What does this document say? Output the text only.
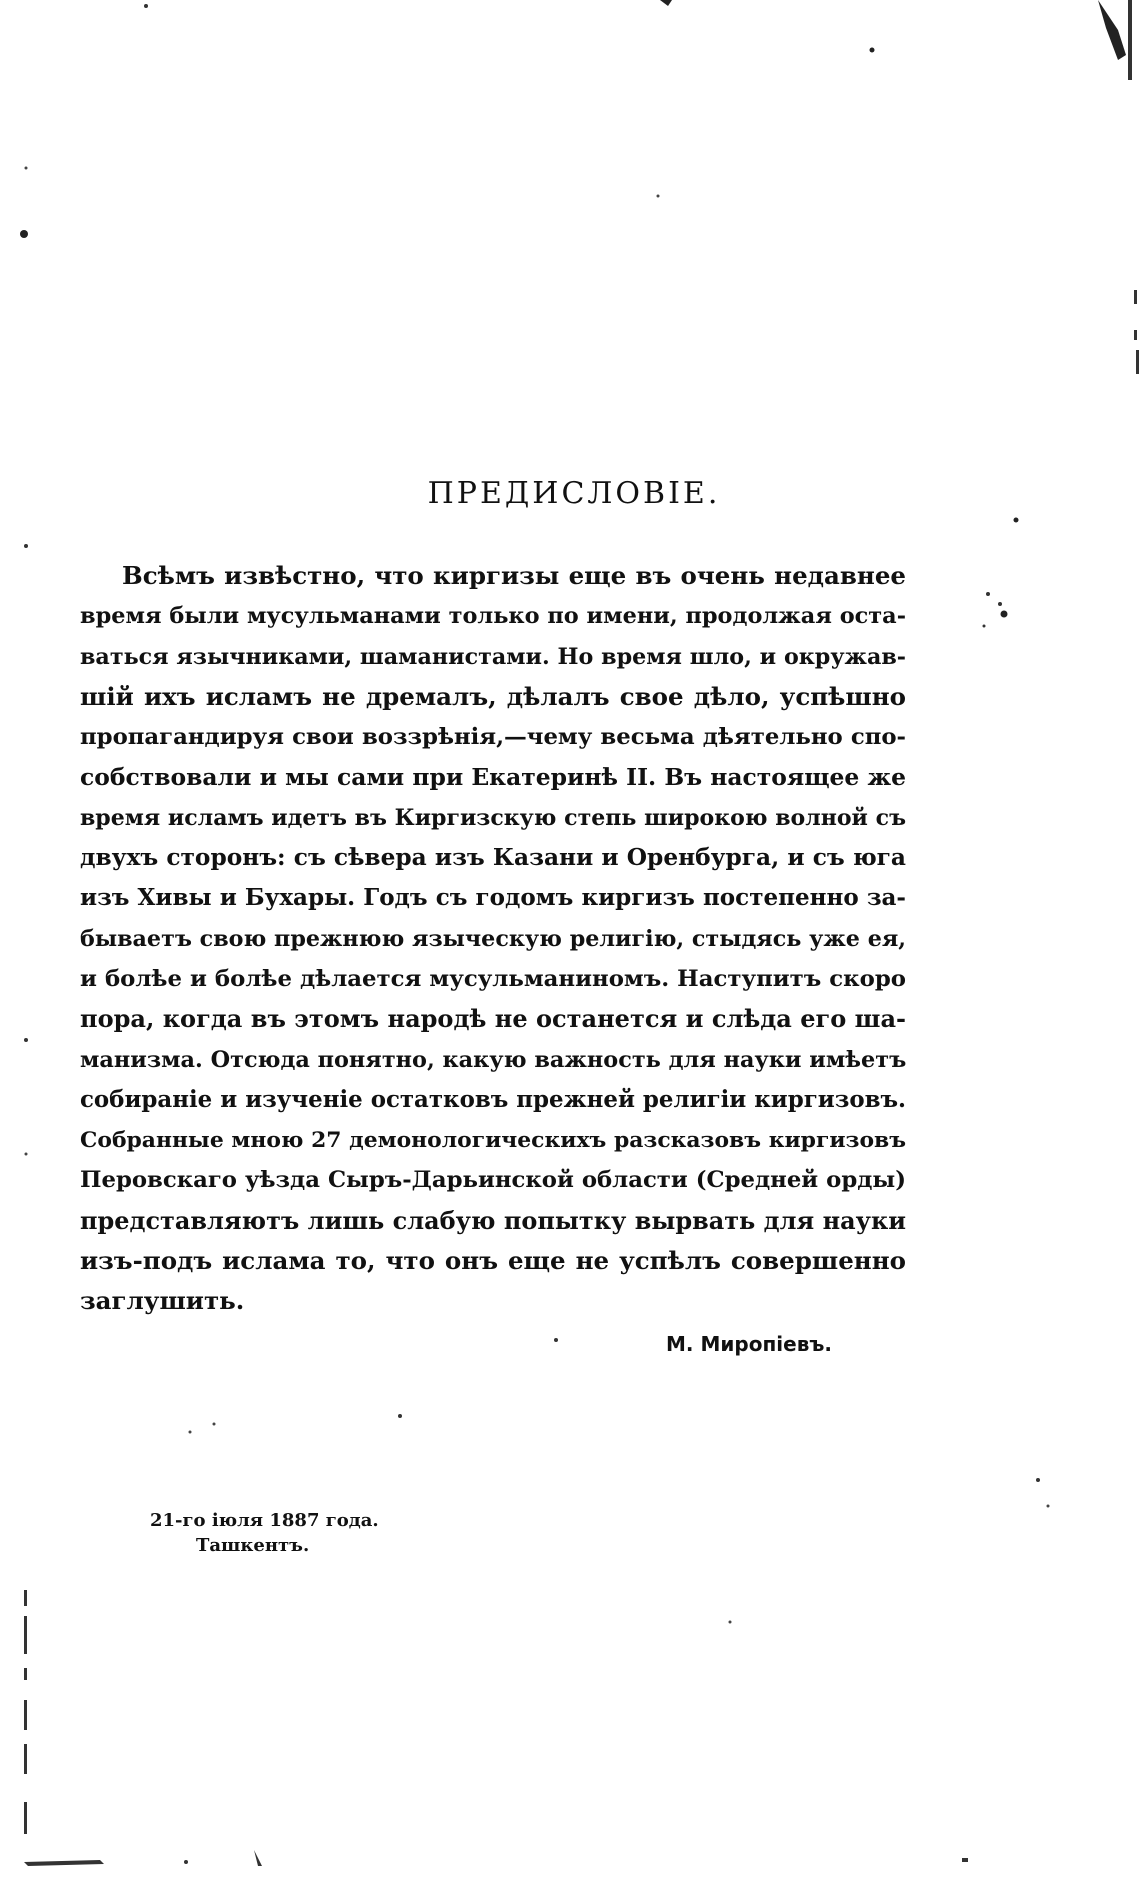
ПРЕДИСЛОВІЕ.
Всѣмъ извѣстно, что киргизы еще въ очень недавнее
время были мусульманами только по имени, продолжая оста-
ваться язычниками, шаманистами. Но время шло, и окружав-
шій ихъ исламъ не дремалъ, дѣлалъ свое дѣло, успѣшно
пропагандируя свои воззрѣнія,—чему весьма дѣятельно спо-
собствовали и мы сами при Екатеринѣ II. Въ настоящее же
время исламъ идетъ въ Киргизскую степь широкою волной съ
двухъ сторонъ: съ сѣвера изъ Казани и Оренбурга, и съ юга
изъ Хивы и Бухары. Годъ съ годомъ киргизъ постепенно за-
бываетъ свою прежнюю языческую религію, стыдясь уже ея,
и болѣе и болѣе дѣлается мусульманиномъ. Наступитъ скоро
пора, когда въ этомъ народѣ не останется и слѣда его ша-
манизма. Отсюда понятно, какую важность для науки имѣетъ
собираніе и изученіе остатковъ прежней религіи киргизовъ.
Собранные мною 27 демонологическихъ разсказовъ киргизовъ
Перовскаго уѣзда Сыръ-Дарьинской области (Средней орды)
представляютъ лишь слабую попытку вырвать для науки
изъ-подъ ислама то, что онъ еще не успѣлъ совершенно
заглушить.
М. Миропіевъ.
21-го іюля 1887 года.
Ташкентъ.
